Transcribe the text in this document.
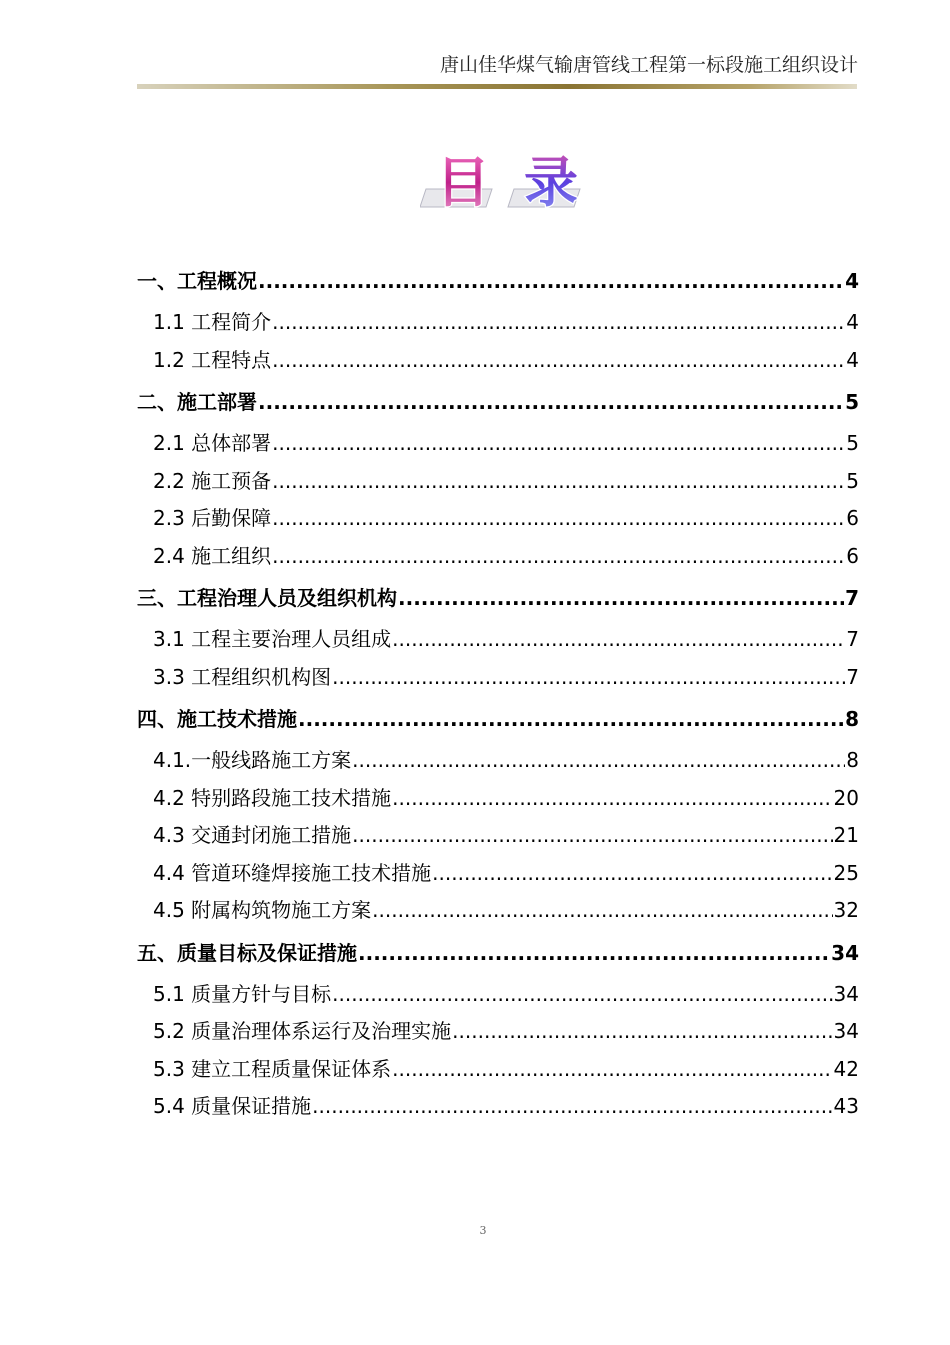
唐山佳华煤气输唐管线工程第一标段施工组织设计
目 录
一、工程概况 .....	4
1.1 工程简介 .....	4
1.2 工程特点 .....	4
二、施工部署 .....	5
2.1 总体部署 .....	5
2.2 施工预备 .....	5
2.3 后勤保障 .....	6
2.4 施工组织 .....	6
三、工程治理人员及组织机构 .....	7
3.1 工程主要治理人员组成 .....	7
3.3 工程组织机构图 .....	7
四、施工技术措施 .....	8
4.1.一般线路施工方案 .....	8
4.2 特别路段施工技术措施 .....	20
4.3 交通封闭施工措施 .....	21
4.4 管道环缝焊接施工技术措施 .....	25
4.5 附属构筑物施工方案 .....	32
五、质量目标及保证措施 .....	34
5.1 质量方针与目标 .....	34
5.2 质量治理体系运行及治理实施 .....	34
5.3 建立工程质量保证体系 .....	42
5.4 质量保证措施 .....	43
3
